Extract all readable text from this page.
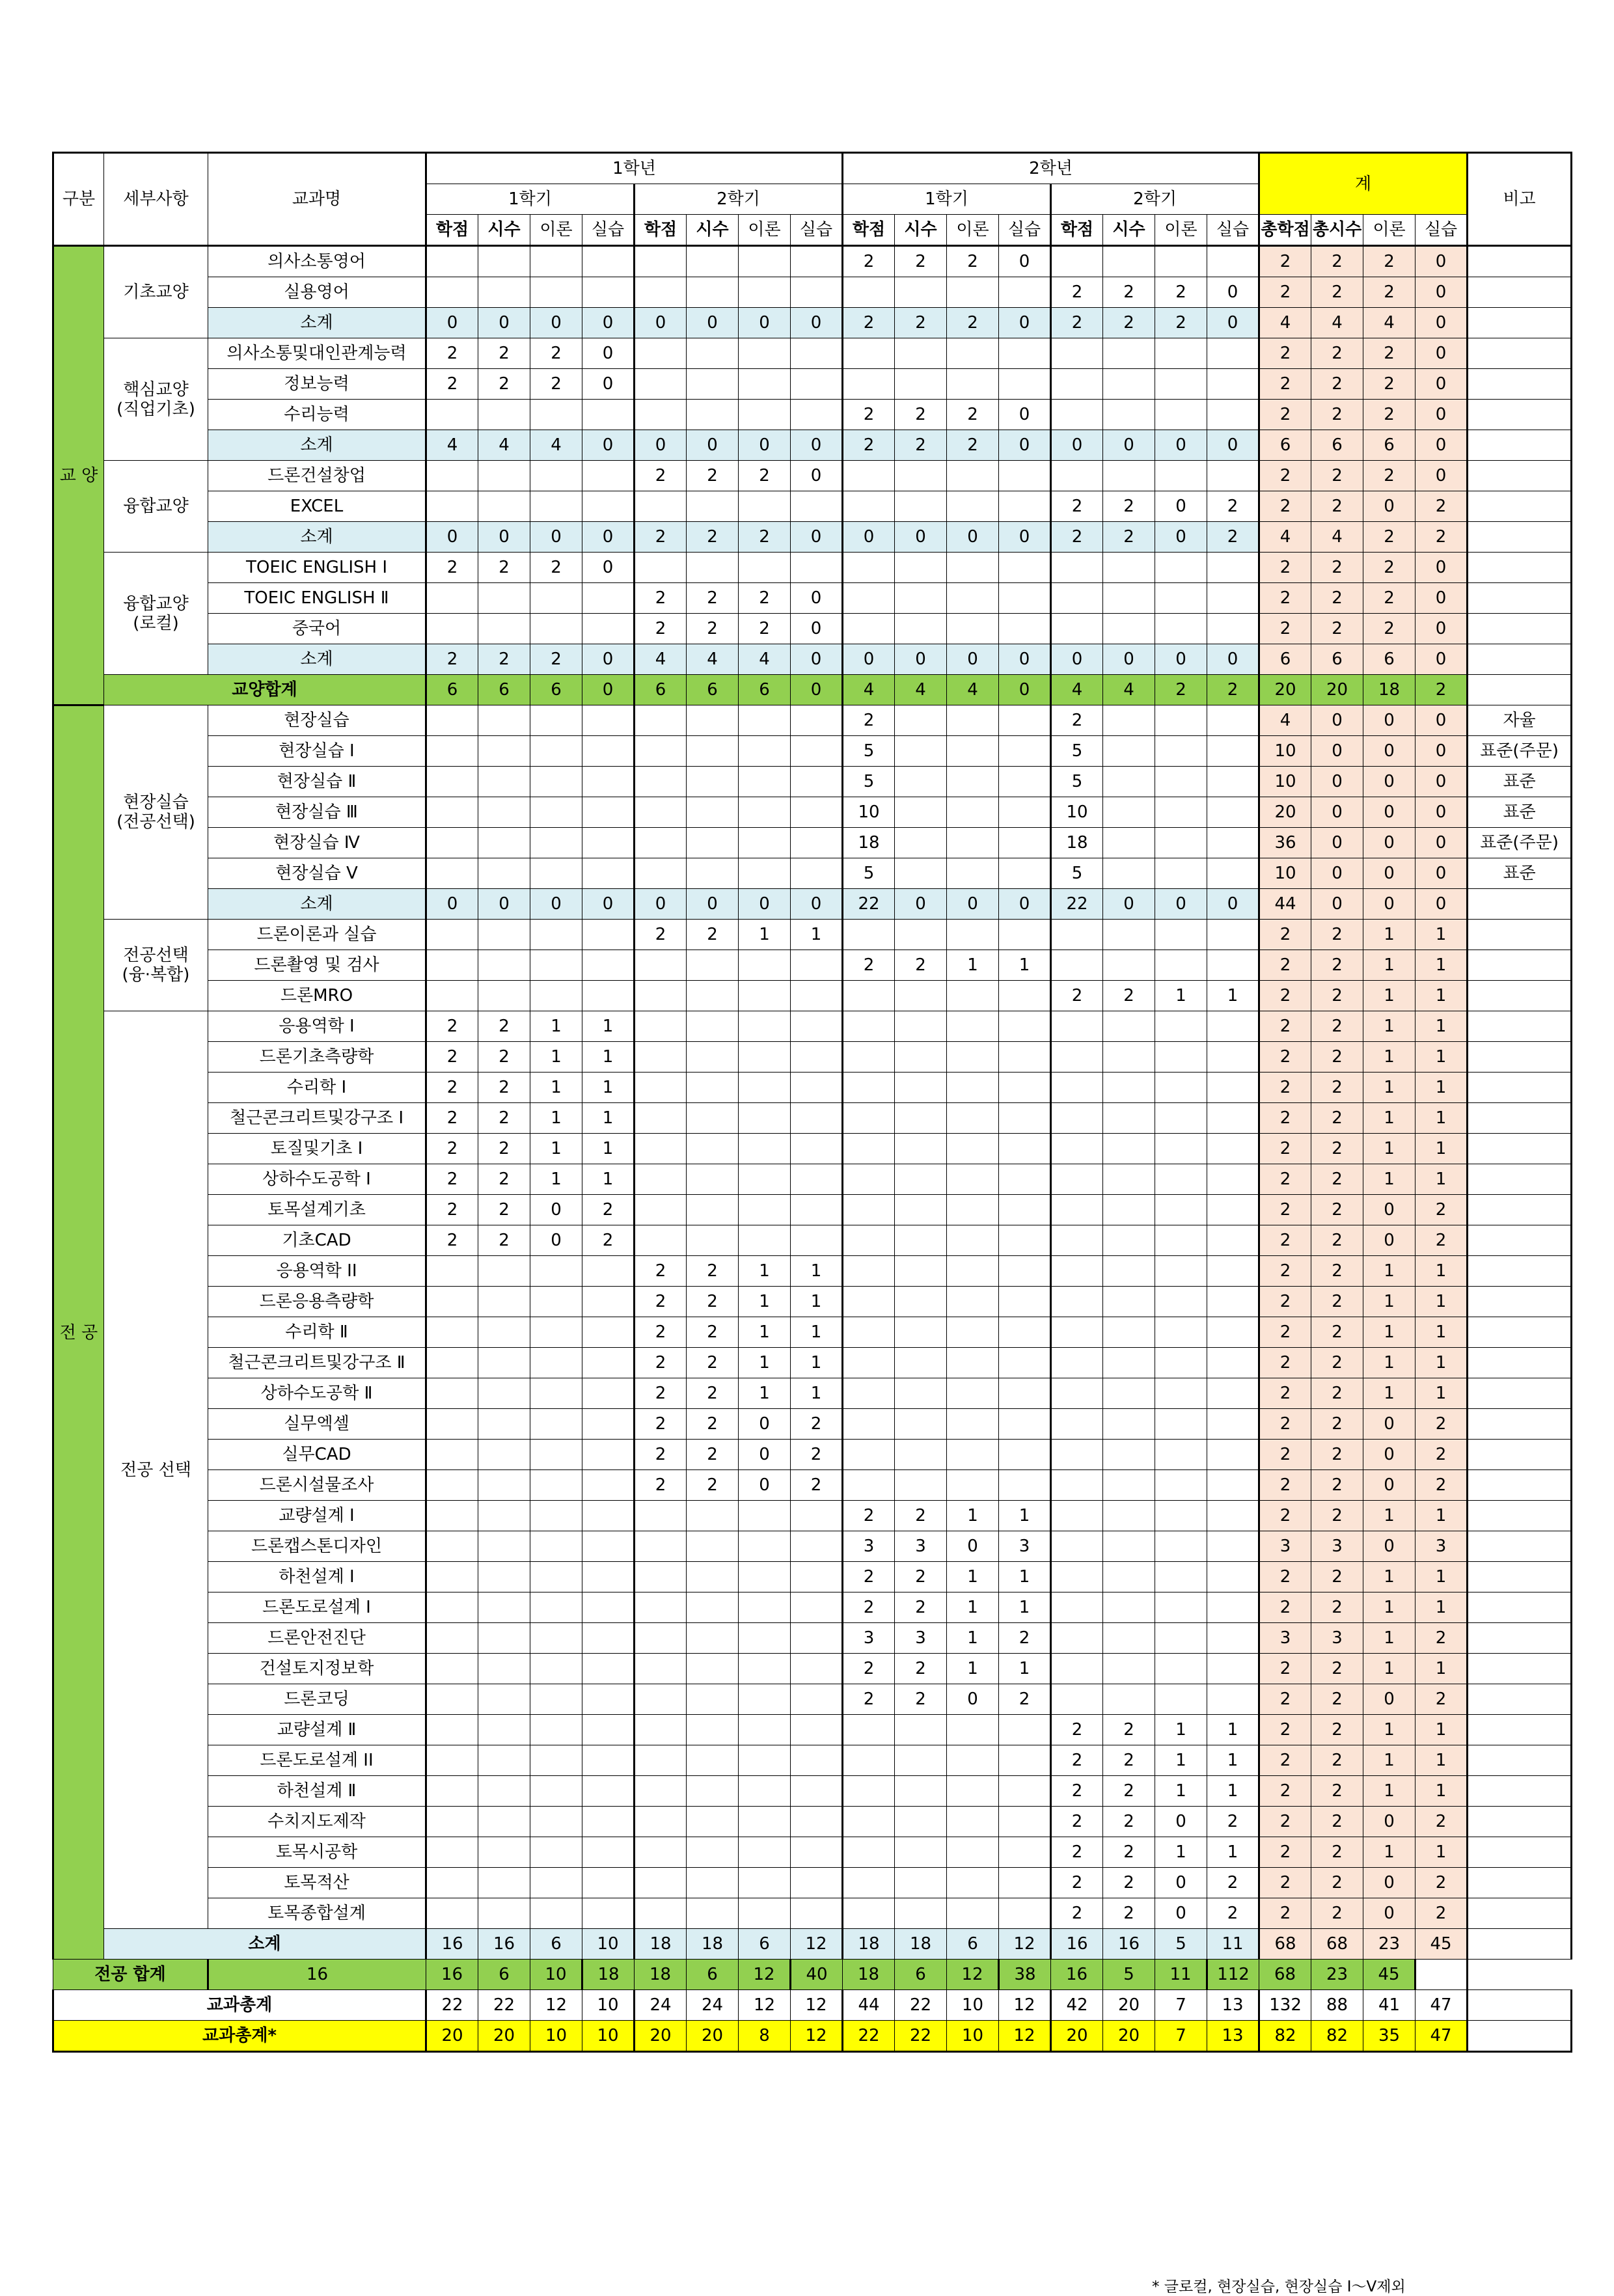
구분	세부사항	교과명	1학년								2학년								계				비고
			1학기				2학기				1학기				2학기								
			학점	시수	이론	실습	학점	시수	이론	실습	학점	시수	이론	실습	학점	시수	이론	실습	총학점	총시수	이론	실습	
교 양	기초교양	의사소통영어									2	2	2	0					2	2	2	0	
		실용영어													2	2	2	0	2	2	2	0	
		소계	0	0	0	0	0	0	0	0	2	2	2	0	2	2	2	0	4	4	4	0	
	핵심교양 (직업기초)	의사소통및대인관계능력	2	2	2	0													2	2	2	0	
		정보능력	2	2	2	0													2	2	2	0	
		수리능력									2	2	2	0					2	2	2	0	
		소계	4	4	4	0	0	0	0	0	2	2	2	0	0	0	0	0	6	6	6	0	
	융합교양	드론건설창업					2	2	2	0									2	2	2	0	
		EXCEL													2	2	0	2	2	2	0	2	
		소계	0	0	0	0	2	2	2	0	0	0	0	0	2	2	0	2	4	4	2	2	
	융합교양 (로컬)	TOEIC ENGLISH Ⅰ	2	2	2	0													2	2	2	0	
		TOEIC ENGLISH Ⅱ					2	2	2	0									2	2	2	0	
		중국어					2	2	2	0									2	2	2	0	
		소계	2	2	2	0	4	4	4	0	0	0	0	0	0	0	0	0	6	6	6	0	
	교양합계		6	6	6	0	6	6	6	0	4	4	4	0	4	4	2	2	20	20	18	2	
전 공	현장실습 (전공선택)	현장실습									2				2				4	0	0	0	자율
		현장실습 Ⅰ									5				5				10	0	0	0	표준(주문)
		현장실습 Ⅱ									5				5				10	0	0	0	표준
		현장실습 Ⅲ									10				10				20	0	0	0	표준
		현장실습 Ⅳ									18				18				36	0	0	0	표준(주문)
		현장실습 Ⅴ									5				5				10	0	0	0	표준
		소계	0	0	0	0	0	0	0	0	22	0	0	0	22	0	0	0	44	0	0	0	
	전공선택 (융·복합)	드론이론과 실습					2	2	1	1									2	2	1	1	
		드론촬영 및 검사									2	2	1	1					2	2	1	1	
		드론MRO													2	2	1	1	2	2	1	1	
	전공 선택	응용역학 I	2	2	1	1													2	2	1	1	
		드론기초측량학	2	2	1	1													2	2	1	1	
		수리학 Ⅰ	2	2	1	1													2	2	1	1	
		철근콘크리트및강구조 Ⅰ	2	2	1	1													2	2	1	1	
		토질및기초 Ⅰ	2	2	1	1													2	2	1	1	
		상하수도공학 I	2	2	1	1													2	2	1	1	
		토목설계기초	2	2	0	2													2	2	0	2	
		기초CAD	2	2	0	2													2	2	0	2	
		응용역학 II					2	2	1	1									2	2	1	1	
		드론응용측량학					2	2	1	1									2	2	1	1	
		수리학 Ⅱ					2	2	1	1									2	2	1	1	
		철근콘크리트및강구조 Ⅱ					2	2	1	1									2	2	1	1	
		상하수도공학 Ⅱ					2	2	1	1									2	2	1	1	
		실무엑셀					2	2	0	2									2	2	0	2	
		실무CAD					2	2	0	2									2	2	0	2	
		드론시설물조사					2	2	0	2									2	2	0	2	
		교량설계 Ⅰ									2	2	1	1					2	2	1	1	
		드론캡스톤디자인									3	3	0	3					3	3	0	3	
		하천설계 Ⅰ									2	2	1	1					2	2	1	1	
		드론도로설계 I									2	2	1	1					2	2	1	1	
		드론안전진단									3	3	1	2					3	3	1	2	
		건설토지정보학									2	2	1	1					2	2	1	1	
		드론코딩									2	2	0	2					2	2	0	2	
		교량설계 Ⅱ													2	2	1	1	2	2	1	1	
		드론도로설계 II													2	2	1	1	2	2	1	1	
		하천설계 Ⅱ													2	2	1	1	2	2	1	1	
		수치지도제작													2	2	0	2	2	2	0	2	
		토목시공학													2	2	1	1	2	2	1	1	
		토목적산													2	2	0	2	2	2	0	2	
		토목종합설계													2	2	0	2	2	2	0	2	
	소계		16	16	6	10	18	18	6	12	18	18	6	12	16	16	5	11	68	68	23	45	
전공 합계		16	16	6	10	18	18	6	12	40	18	6	12	38	16	5	11	112	68	23	45		
교과총계			22	22	12	10	24	24	12	12	44	22	10	12	42	20	7	13	132	88	41	47	
교과총계*			20	20	10	10	20	20	8	12	22	22	10	12	20	20	7	13	82	82	35	47	
* 글로컬, 현장실습, 현장실습 Ⅰ～Ⅴ제외
